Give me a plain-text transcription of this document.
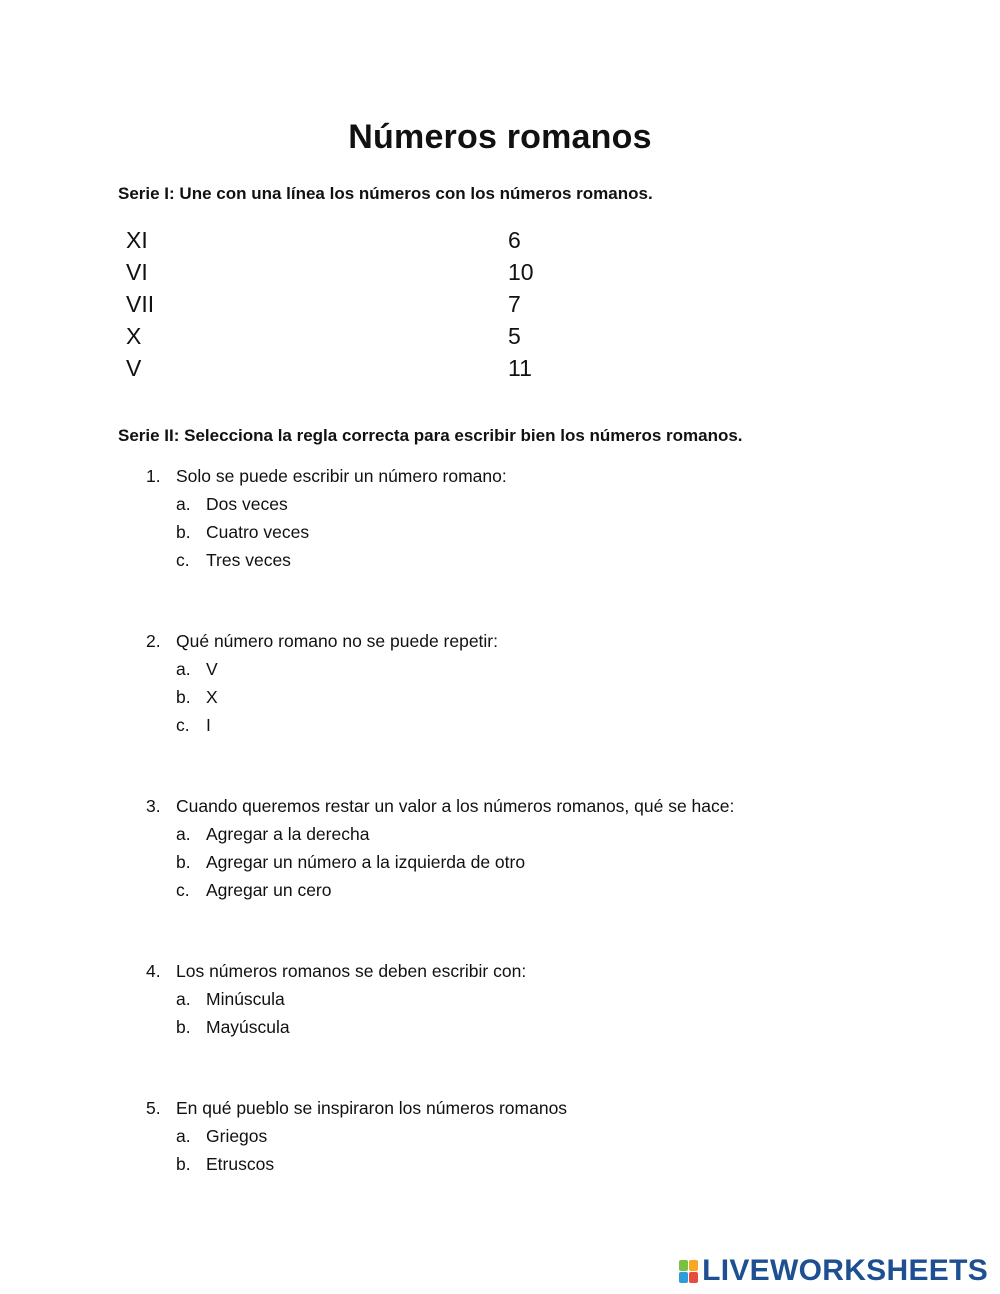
Números romanos
Serie I: Une con una línea los números con los números romanos.
XI
VI
VII
X
V
6
10
7
5
11
Serie II: Selecciona la regla correcta para escribir bien los números romanos.
1. Solo se puede escribir un número romano:
a. Dos veces
b. Cuatro veces
c. Tres veces
2. Qué número romano no se puede repetir:
a. V
b. X
c. I
3. Cuando queremos restar un valor a los números romanos, qué se hace:
a. Agregar a la derecha
b. Agregar un número a la izquierda de otro
c. Agregar un cero
4. Los números romanos se deben escribir con:
a. Minúscula
b. Mayúscula
5. En qué pueblo se inspiraron los números romanos
a. Griegos
b. Etruscos
LIVEWORKSHEETS
